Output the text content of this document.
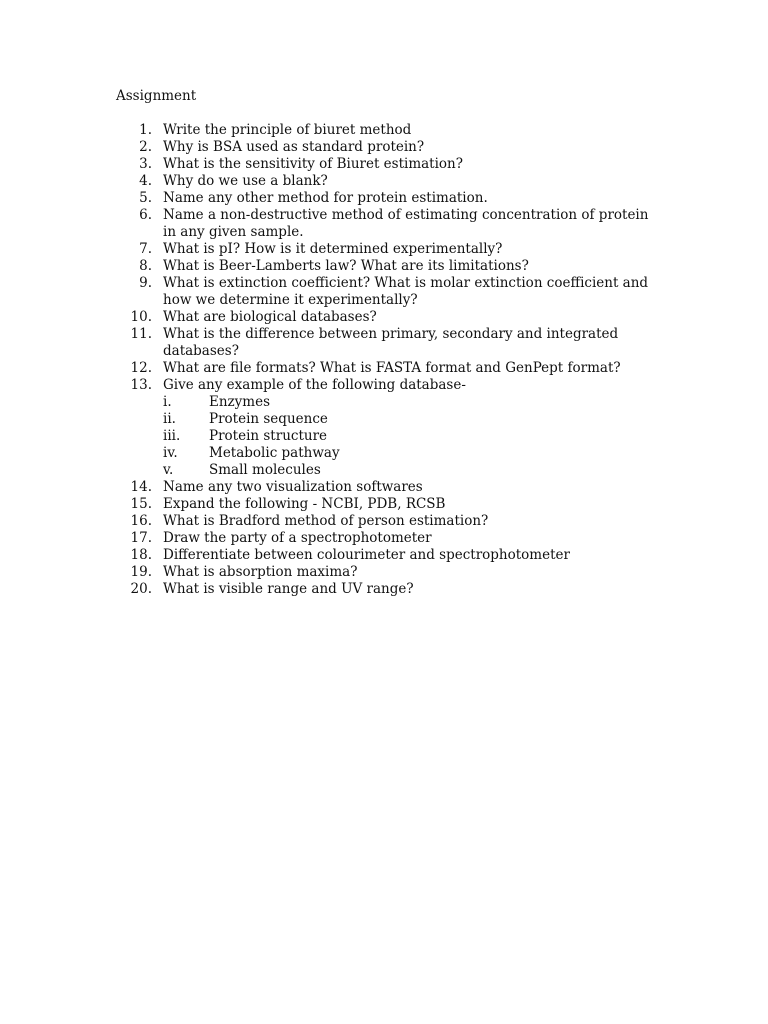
Assignment
1. Write the principle of biuret method
2. Why is BSA used as standard protein?
3. What is the sensitivity of Biuret estimation?
4. Why do we use a blank?
5. Name any other method for protein estimation.
6. Name a non-destructive method of estimating concentration of protein in any given sample.
7. What is pI? How is it determined experimentally?
8. What is Beer-Lamberts law? What are its limitations?
9. What is extinction coefficient? What is molar extinction coefficient and how we determine it experimentally?
10. What are biological databases?
11. What is the difference between primary, secondary and integrated databases?
12. What are file formats? What is FASTA format and GenPept format?
13. Give any example of the following database-
i.	Enzymes
ii. Protein sequence
iii. Protein structure
iv. Metabolic pathway
v.	Small molecules
14. Name any two visualization softwares
15. Expand the following - NCBI, PDB, RCSB
16. What is Bradford method of person estimation?
17. Draw the party of a spectrophotometer
18. Differentiate between colourimeter and spectrophotometer
19. What is absorption maxima?
20. What is visible range and UV range?
